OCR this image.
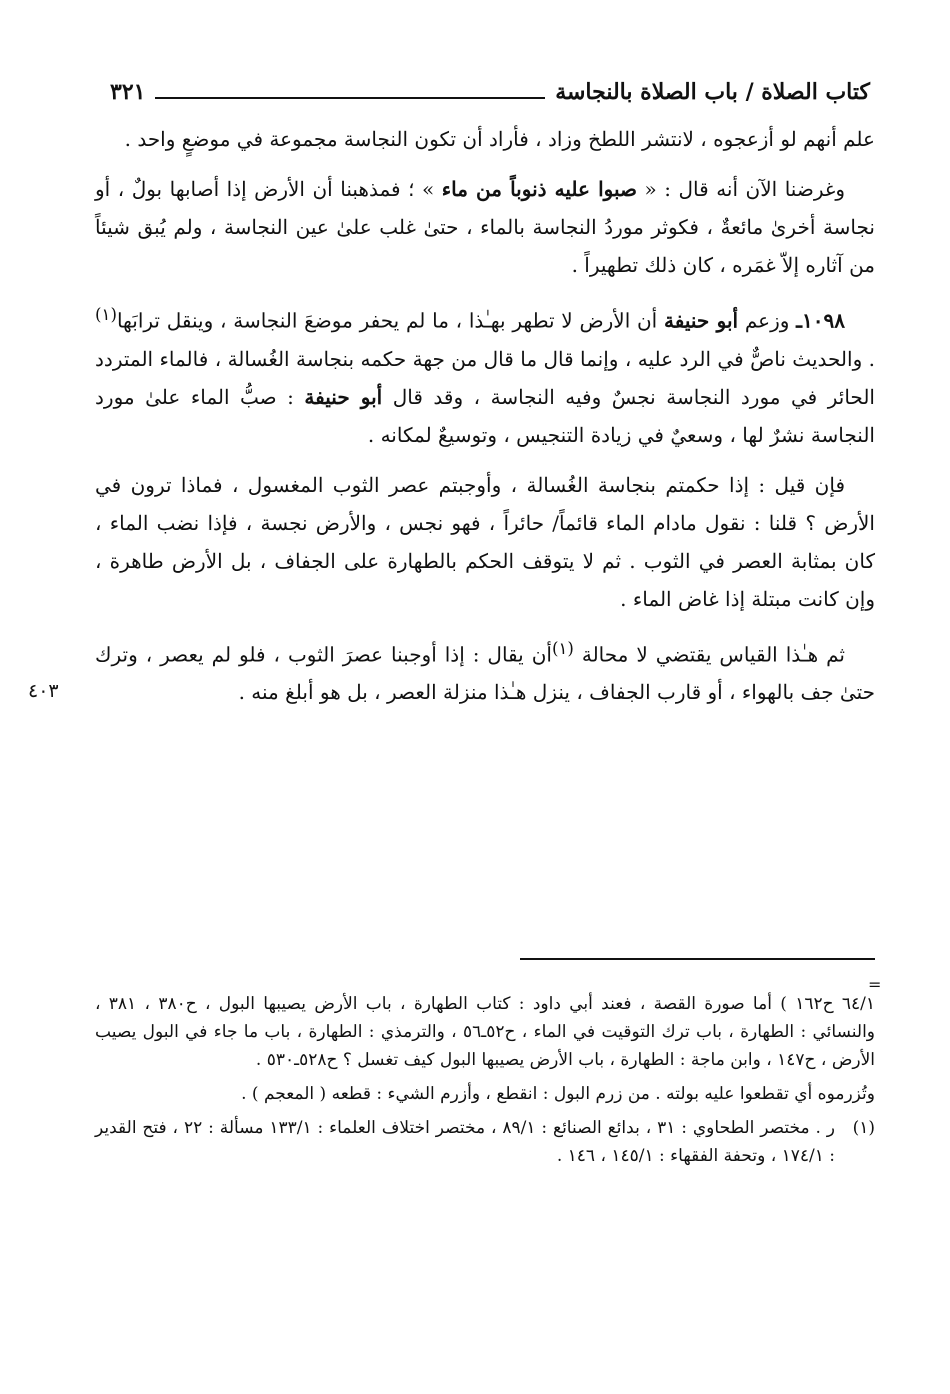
كتاب الصلاة / باب الصلاة بالنجاسة
٣٢١

علم أنهم لو أزعجوه ، لانتشر اللطخ وزاد ، فأراد أن تكون النجاسة مجموعة في موضعٍ واحد .

وغرضنا الآن أنه قال : « صبوا عليه ذنوباً من ماء » ؛ فمذهبنا أن الأرض إذا أصابها بولٌ ، أو نجاسة أخرىٰ مائعةٌ ، فكوثر موردُ النجاسة بالماء ، حتىٰ غلب علىٰ عين النجاسة ، ولم يُبق شيئاً من آثاره إلاّ غمَره ، كان ذلك تطهيراً .

١٠٩٨ـ وزعم أبو حنيفة أن الأرض لا تطهر بهـٰذا ، ما لم يحفر موضعَ النجاسة ، وينقل ترابَها$^{(١)}$ . والحديث ناصٌّ في الرد عليه ، وإنما قال ما قال من جهة حكمه بنجاسة الغُسالة ، فالماء المتردد الحائر في مورد النجاسة نجسٌ وفيه النجاسة ، وقد قال أبو حنيفة : صبُّ الماء علىٰ مورد النجاسة نشرٌ لها ، وسعيٌ في زيادة التنجيس ، وتوسيعٌ لمكانه .

فإن قيل : إذا حكمتم بنجاسة الغُسالة ، وأوجبتم عصر الثوب المغسول ، فماذا ترون في الأرض ؟ قلنا : نقول مادام الماء قائماً/ حائراً ، فهو نجس ، والأرض نجسة ، فإذا نضب الماء ، كان بمثابة العصر في الثوب . ثم لا يتوقف الحكم بالطهارة على الجفاف ، بل الأرض طاهرة ، وإن كانت مبتلة إذا غاض الماء .

ثم هـٰذا القياس يقتضي لا محالة $^{(١)}$أن يقال : إذا أوجبنا عصرَ الثوب ، فلو لم يعصر ، وترك حتىٰ جف بالهواء ، أو قارب الجفاف ، ينزل هـٰذا منزلة العصر ، بل هو أبلغ منه .

٤٠٣
=

٦٤/١ ح١٦٢ ) أما صورة القصة ، فعند أبي داود : كتاب الطهارة ، باب الأرض يصيبها البول ، ح٣٨٠ ، ٣٨١ ، والنسائي : الطهارة ، باب ترك التوقيت في الماء ، ح٥٢ـ٥٦ ، والترمذي : الطهارة ، باب ما جاء في البول يصيب الأرض ، ح١٤٧ ، وابن ماجة : الطهارة ، باب الأرض يصيبها البول كيف تغسل ؟ ح٥٢٨ـ٥٣٠ .

وتُزرموه أي تقطعوا عليه بولته . من زرم البول : انقطع ، وأزرم الشيء : قطعه ( المعجم ) .

(١)
ر . مختصر الطحاوي : ٣١ ، بدائع الصنائع : ٨٩/١ ، مختصر اختلاف العلماء : ١٣٣/١ مسألة : ٢٢ ، فتح القدير : ١٧٤/١ ، وتحفة الفقهاء : ١٤٥/١ ، ١٤٦ .
